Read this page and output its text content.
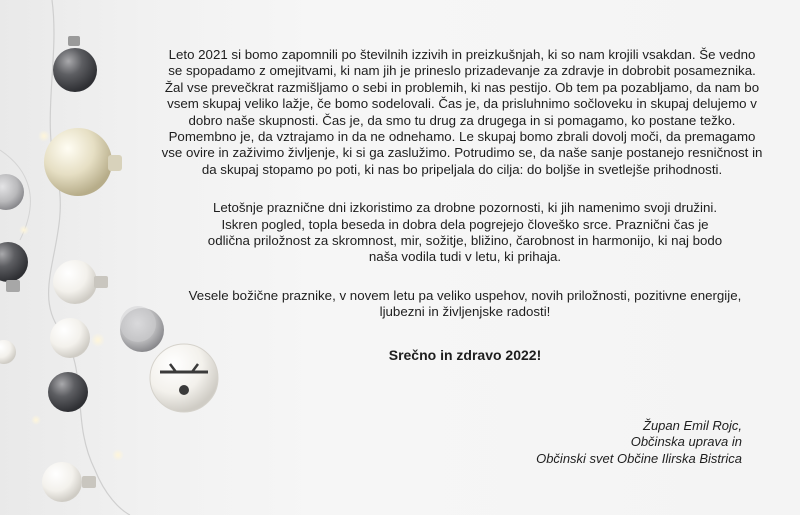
Leto 2021 si bomo zapomnili po številnih izzivih in preizkušnjah, ki so nam krojili vsakdan. Še vedno se spopadamo z omejitvami, ki nam jih je prineslo prizadevanje za zdravje in dobrobit posameznika. Žal vse prevečkrat razmišljamo o sebi in problemih, ki nas pestijo. Ob tem pa pozabljamo, da nam bo vsem skupaj veliko lažje, če bomo sodelovali. Čas je, da prisluhnimo sočloveku in skupaj delujemo v dobro naše skupnosti. Čas je, da smo tu drug za drugega in si pomagamo, ko postane težko. Pomembno je, da vztrajamo in da ne odnehamo. Le skupaj bomo zbrali dovolj moči, da premagamo vse ovire in zaživimo življenje, ki si ga zaslužimo. Potrudimo se, da naše sanje postanejo resničnost in da skupaj stopamo po poti, ki nas bo pripeljala do cilja: do boljše in svetlejše prihodnosti.

Letošnje praznične dni izkoristimo za drobne pozornosti, ki jih namenimo svoji družini. Iskren pogled, topla beseda in dobra dela pogrejejo človeško srce. Praznični čas je odlična priložnost za skromnost, mir, sožitje, bližino, čarobnost in harmonijo, ki naj bodo naša vodila tudi v letu, ki prihaja.

Vesele božične praznike, v novem letu pa veliko uspehov, novih priložnosti, pozitivne energije, ljubezni in življenjske radosti!

Srečno in zdravo 2022!
Župan Emil Rojc,
Občinska uprava in
Občinski svet Občine Ilirska Bistrica
